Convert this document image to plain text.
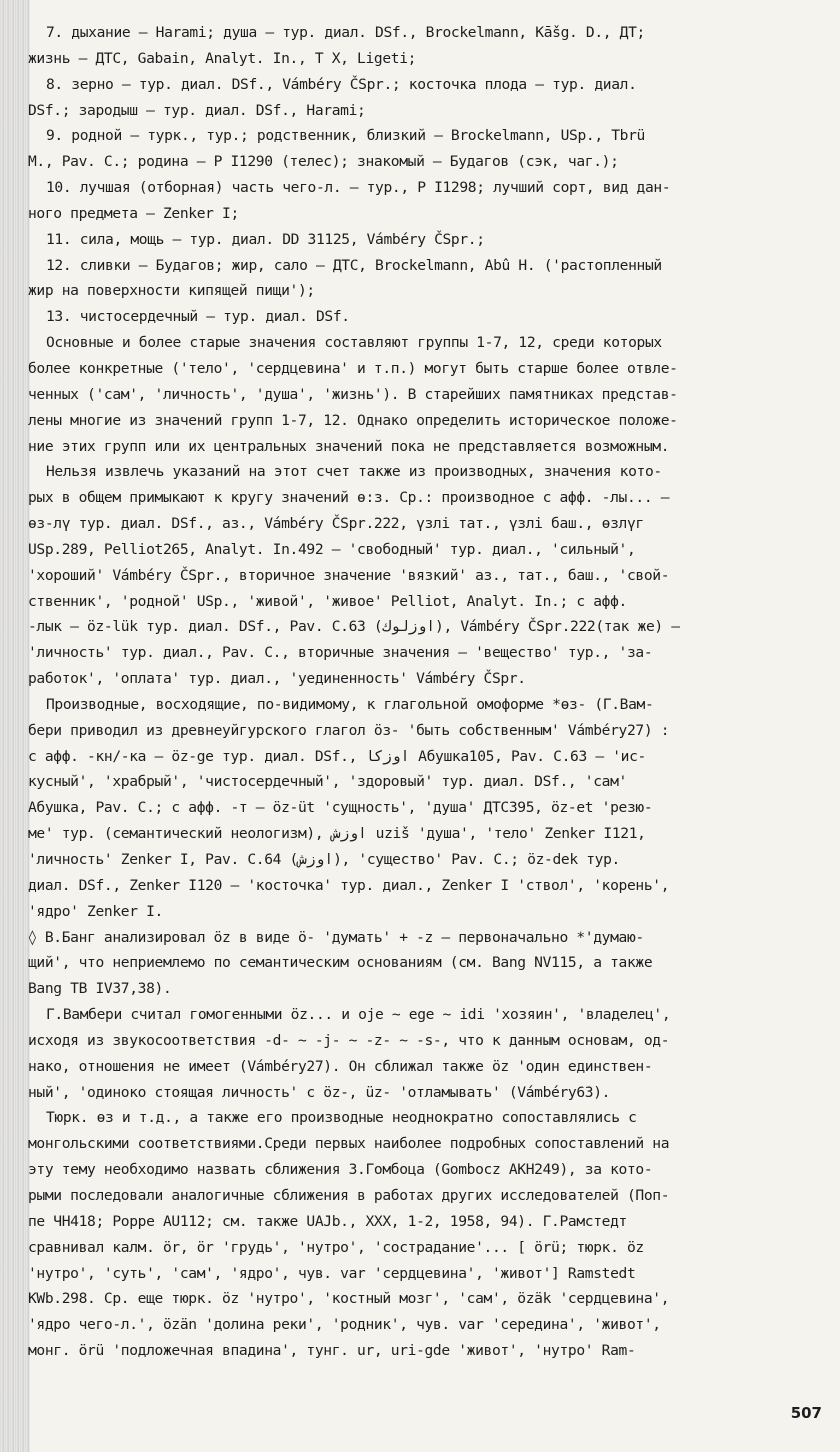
7. дыхание – Harami; душа – тур. диал. DSf., Brockelmann, Kāšg. D., ДТ;
жизнь – ДТС, Gabain, Analyt. In., Т X, Ligeti;
8. зерно – тур. диал. DSf., Vámbéry ČSpr.; косточка плода – тур. диал.
DSf.; зародыш – тур. диал. DSf., Harami;
9. родной – турк., тур.; родственник, близкий – Brockelmann, USp., Tbrü
M., Pav. C.; родина – Р I1290 (телес); знакомый – Будагов (сэк, чаг.);
10. лучшая (отборная) часть чего-л. – тур., Р I1298; лучший сорт, вид дан-
ного предмета – Zenker I;
11. сила, мощь – тур. диал. DD 31125, Vámbéry ČSpr.;
12. сливки – Будагов; жир, сало – ДТС, Brockelmann, Abû H. ('растопленный
жир на поверхности кипящей пищи');
13. чистосердечный – тур. диал. DSf.
Основные и более старые значения составляют группы 1-7, 12, среди которых
более конкретные ('тело', 'сердцевина' и т.п.) могут быть старше более отвле-
ченных ('сам', 'личность', 'душа', 'жизнь'). В старейших памятниках представ-
лены многие из значений групп 1-7, 12. Однако определить историческое положе-
ние этих групп или их центральных значений пока не представляется возможным.
Нельзя извлечь указаний на этот счет также из производных, значения кото-
рых в общем примыкают к кругу значений ө:з. Ср.: производное с афф. -лы... –
өз-лү тур. диал. DSf., аз., Vámbéry ČSpr.222, үзлі тат., үзлі баш., өзлүг
USp.289, Pelliot265, Analyt. In.492 – 'свободный' тур. диал., 'сильный',
'хороший' Vámbéry ČSpr., вторичное значение 'вязкий' аз., тат., баш., 'свой-
ственник', 'родной' USp., 'живой', 'живое' Pelliot, Analyt. In.; с афф.
-лык – öz-lük тур. диал. DSf., Pav. C.63 (اوزلوك), Vámbéry ČSpr.222(так же) –
'личность' тур. диал., Pav. C., вторичные значения – 'вещество' тур., 'за-
работок', 'оплата' тур. диал., 'уединенность' Vámbéry ČSpr.
Производные, восходящие, по-видимому, к глагольной омоформе *өз- (Г.Вам-
бери приводил из древнеуйгурского глагол öз- 'быть собственным' Vámbéry27) :
с афф. -кн/-ка – öz-ge тур. диал. DSf., اوزكا Абушка105, Pav. C.63 – 'ис-
кусный', 'храбрый', 'чистосердечный', 'здоровый' тур. диал. DSf., 'сам'
Абушка, Pav. C.; с афф. -т – öz-üt 'сущность', 'душа' ДТС395, öz-et 'резю-
ме' тур. (семантический неологизм), اوزش uziš 'душа', 'тело' Zenker I121,
'личность' Zenker I, Pav. C.64 (اوزش), 'существо' Pav. C.; öz-dek тур.
диал. DSf., Zenker I120 – 'косточка' тур. диал., Zenker I 'ствол', 'корень',
'ядро' Zenker I.
◊ В.Банг анализировал öz в виде ö- 'думать' + -z – первоначально *'думаю-
щий', что неприемлемо по семантическим основаниям (см. Bang NV115, а также
Bang TB IV37,38).
Г.Вамбери считал гомогенными öz... и oje ~ ege ~ idi 'хозяин', 'владелец',
исходя из звукосоответствия -d- ~ -j- ~ -z- ~ -s-, что к данным основам, од-
нако, отношения не имеет (Vámbéry27). Он сближал также öz 'один единствен-
ный', 'одиноко стоящая личность' с öz-, üz- 'отламывать' (Vámbéry63).
Тюрк. өз и т.д., а также его производные неоднократно сопоставлялись с
монгольскими соответствиями.Среди первых наиболее подробных сопоставлений на
эту тему необходимо назвать сближения З.Гомбоца (Gombocz AKH249), за кото-
рыми последовали аналогичные сближения в работах других исследователей (Поп-
пе ЧН418; Poppe AU112; см. также UAJb., XXX, 1-2, 1958, 94). Г.Рамстедт
сравнивал калм. ör, ör 'грудь', 'нутро', 'сострадание'... [ örü; тюрк. öz
'нутро', 'суть', 'сам', 'ядро', чув. var 'сердцевина', 'живот'] Ramstedt
KWb.298. Ср. еще тюрк. öz 'нутро', 'костный мозг', 'сам', özäk 'сердцевина',
'ядро чего-л.', özän 'долина реки', 'родник', чув. var 'середина', 'живот',
монг. örü 'подложечная впадина', тунг. ur, uri-gde 'живот', 'нутро' Ram-
507
